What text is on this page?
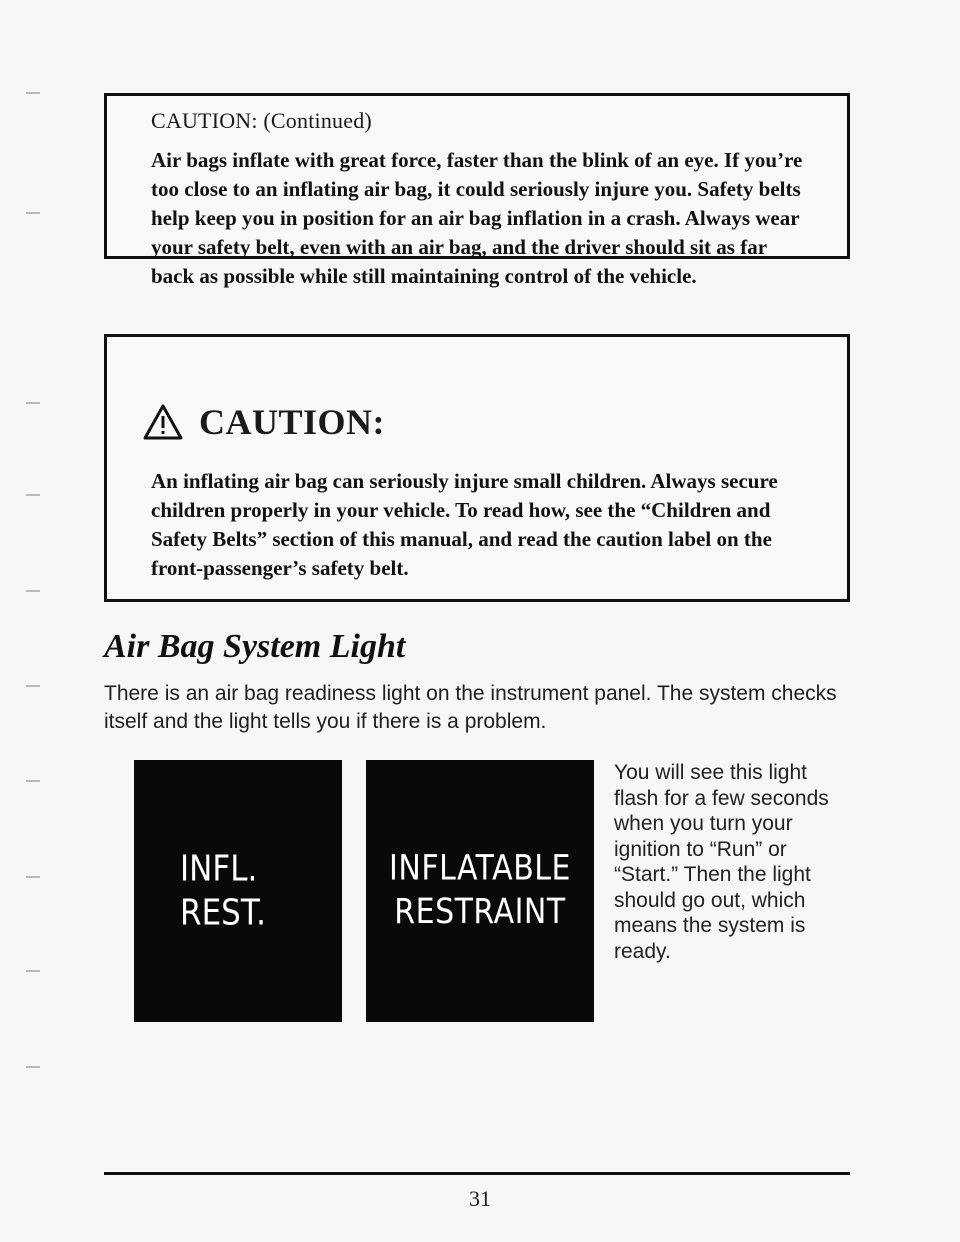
CAUTION: (Continued)
Air bags inflate with great force, faster than the blink of an eye. If you’re too close to an inflating air bag, it could seriously injure you. Safety belts help keep you in position for an air bag inflation in a crash. Always wear your safety belt, even with an air bag, and the driver should sit as far back as possible while still maintaining control of the vehicle.
CAUTION:
An inflating air bag can seriously injure small children. Always secure children properly in your vehicle. To read how, see the “Children and Safety Belts” section of this manual, and read the caution label on the front-passenger’s safety belt.
Air Bag System Light
There is an air bag readiness light on the instrument panel. The system checks itself and the light tells you if there is a problem.
INFL.
REST.
INFLATABLE
RESTRAINT
You will see this light flash for a few seconds when you turn your ignition to “Run” or “Start.” Then the light should go out, which means the system is ready.
31
